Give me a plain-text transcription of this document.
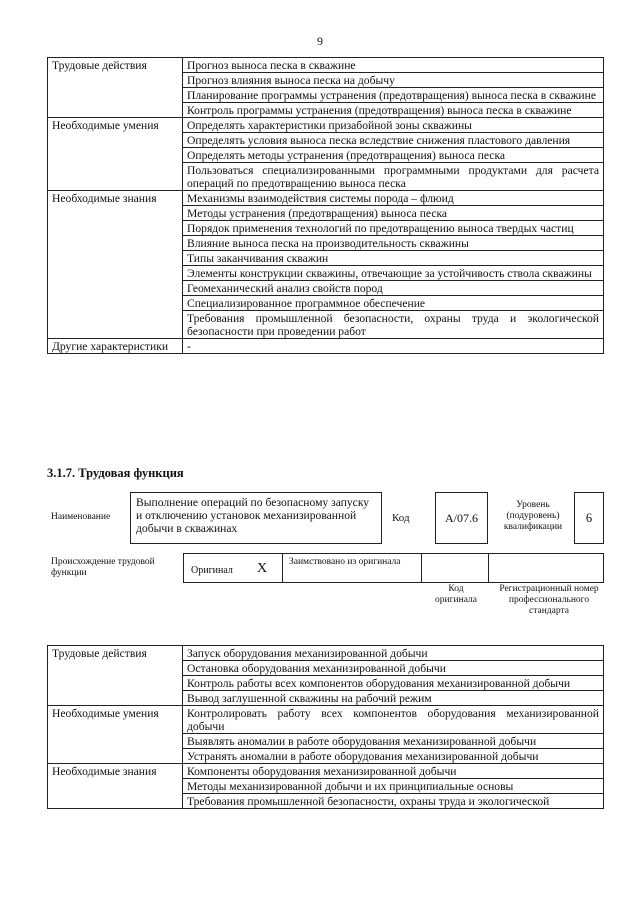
9
Трудовые действия	Прогноз выноса песка в скважине
	Прогноз влияния выноса песка на добычу
	Планирование программы устранения (предотвращения) выноса песка в скважине
	Контроль программы устранения (предотвращения) выноса песка в скважине
Необходимые умения	Определять характеристики призабойной зоны скважины
	Определять условия выноса песка вследствие снижения пластового давления
	Определять методы устранения (предотвращения) выноса песка
	Пользоваться специализированными программными продуктами для расчета операций по предотвращению выноса песка
Необходимые знания	Механизмы взаимодействия системы порода – флюид
	Методы устранения (предотвращения) выноса песка
	Порядок применения технологий по предотвращению выноса твердых частиц
	Влияние выноса песка на производительность скважины
	Типы заканчивания скважин
	Элементы конструкции скважины, отвечающие за устойчивость ствола скважины
	Геомеханический анализ свойств пород
	Специализированное программное обеспечение
	Требования промышленной безопасности, охраны труда и экологической безопасности при проведении работ
Другие характеристики	-
3.1.7. Трудовая функция
Наименование
Выполнение операций по безопасному запуску и отключению установок механизированной добычи в скважинах
Код	А/07.6
Уровень (подуровень) квалификации
6
Происхождение трудовой функции	Оригинал X Заимствовано из оригинала
Код оригинала
Регистрационный номер профессионального стандарта
Трудовые действия	Запуск оборудования механизированной добычи
	Остановка оборудования механизированной добычи
	Контроль работы всех компонентов оборудования механизированной добычи
	Вывод заглушенной скважины на рабочий режим
Необходимые умения	Контролировать работу всех компонентов оборудования механизированной добычи
	Выявлять аномалии в работе оборудования механизированной добычи
	Устранять аномалии в работе оборудования механизированной добычи
Необходимые знания	Компоненты оборудования механизированной добычи
	Методы механизированной добычи и их принципиальные основы
	Требования промышленной безопасности, охраны труда и экологической
